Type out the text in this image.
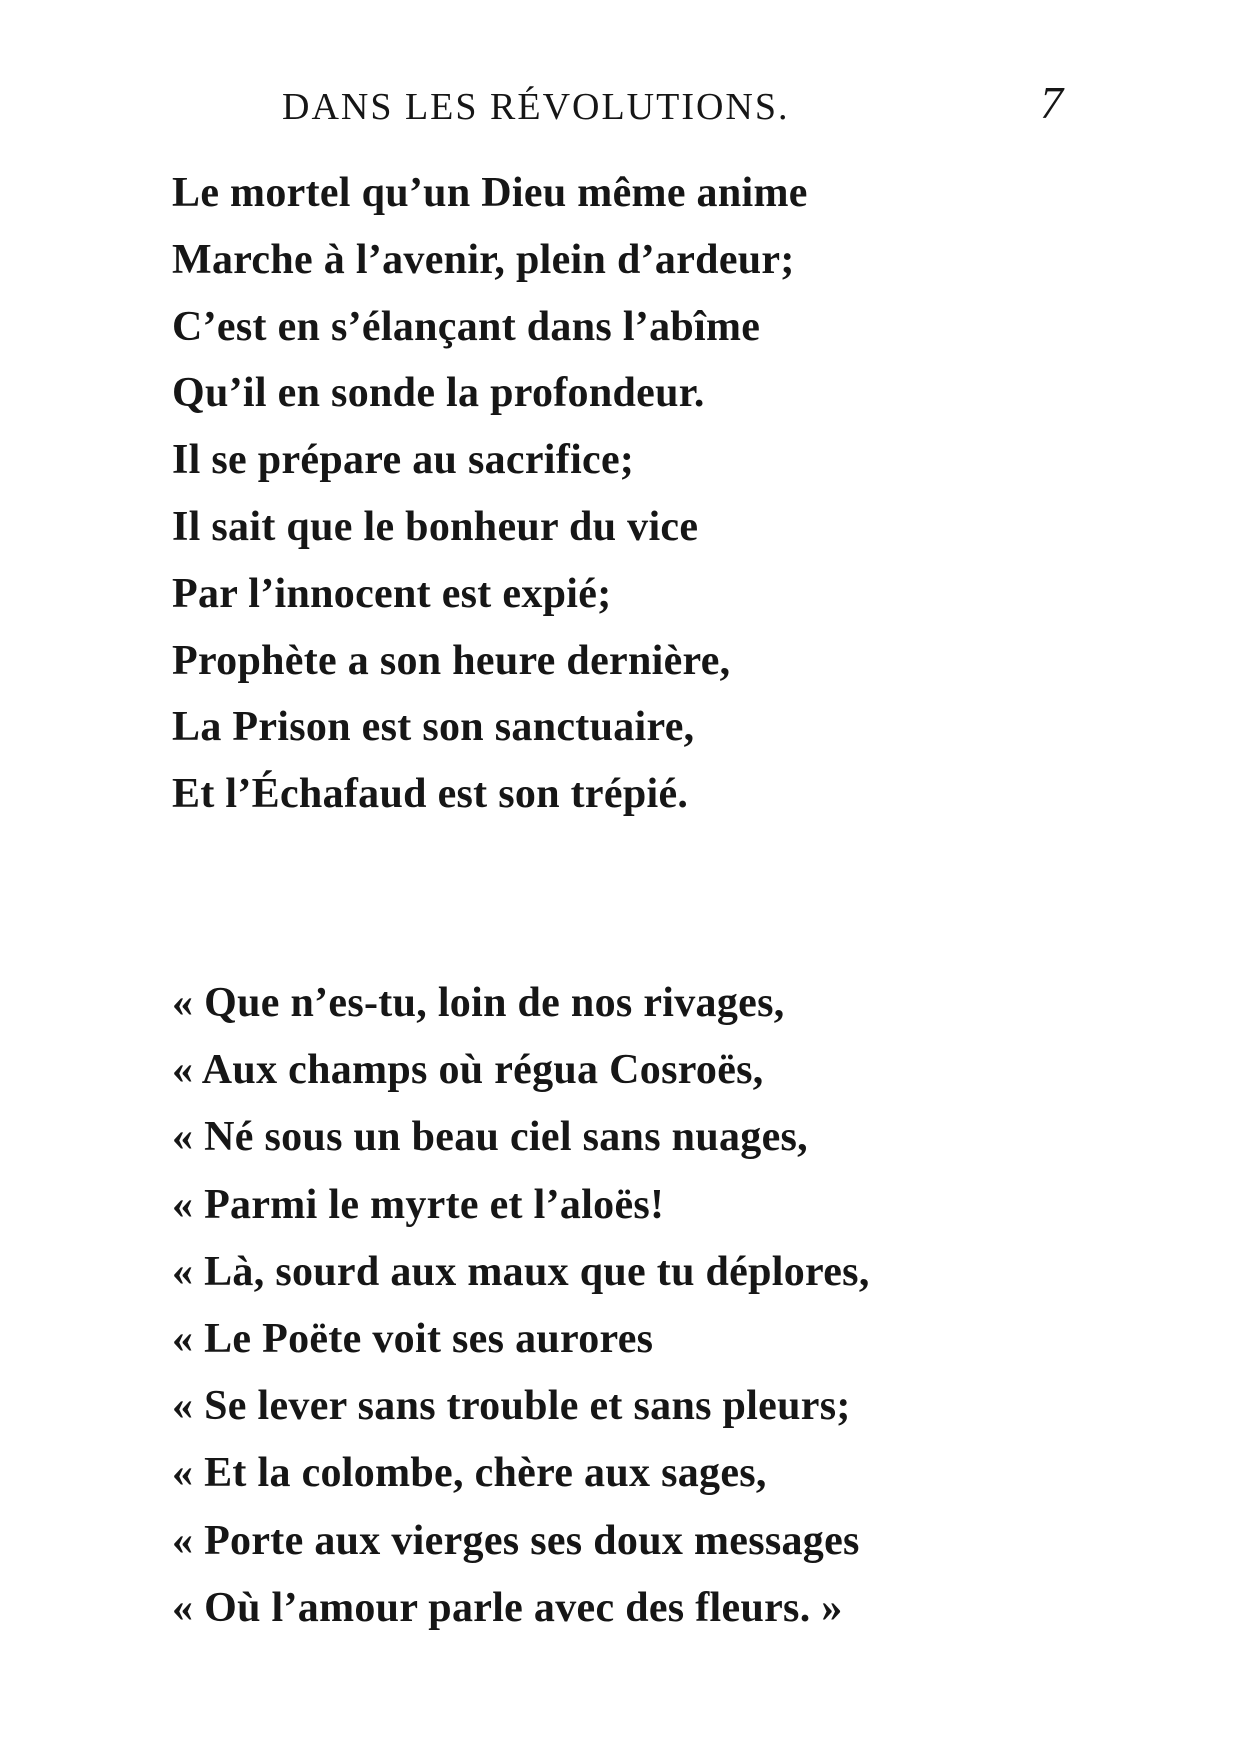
DANS LES RÉVOLUTIONS.	7
Le mortel qu’un Dieu même anime
Marche à l’avenir, plein d’ardeur;
C’est en s’élançant dans l’abîme
Qu’il en sonde la profondeur.
Il se prépare au sacrifice;
Il sait que le bonheur du vice
Par l’innocent est expié;
Prophète a son heure dernière,
La Prison est son sanctuaire,
Et l’Échafaud est son trépié.
« Que n’es-tu, loin de nos rivages,
« Aux champs où régua Cosroës,
« Né sous un beau ciel sans nuages,
« Parmi le myrte et l’aloës!
« Là, sourd aux maux que tu déplores,
« Le Poëte voit ses aurores
« Se lever sans trouble et sans pleurs;
« Et la colombe, chère aux sages,
« Porte aux vierges ses doux messages
« Où l’amour parle avec des fleurs. »
